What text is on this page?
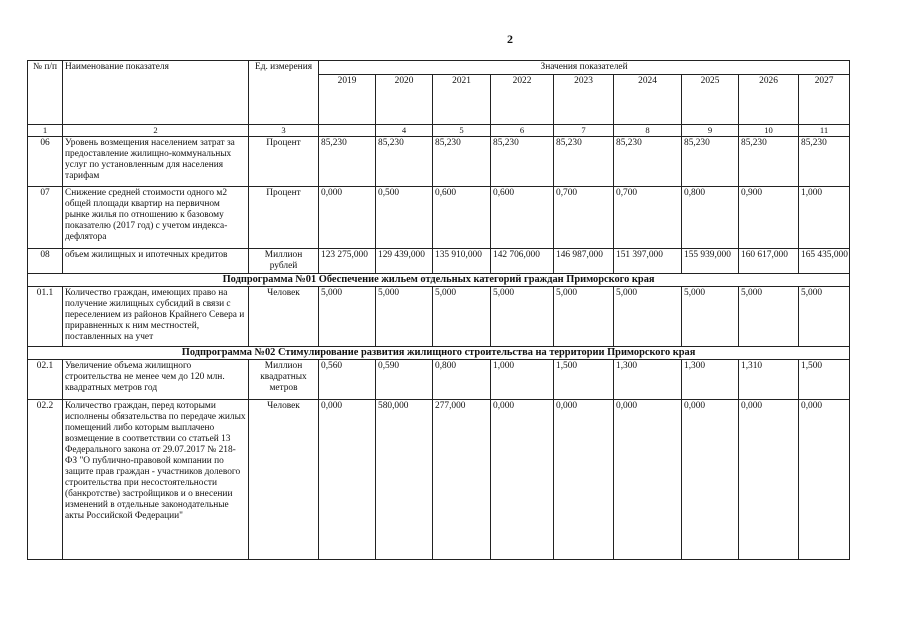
2
№ п/п	Наименование показателя	Ед. измерения	Значения показателей								
			2019	2020	2021	2022	2023	2024	2025	2026	2027
1	2	3		4	5	6	7	8	9	10	11
06	Уровень возмещения населением затрат за предоставление жилищно-коммунальных услуг по установленным для населения тарифам	Процент	85,230	85,230	85,230	85,230	85,230	85,230	85,230	85,230	85,230
07	Снижение средней стоимости одного м2 общей площади квартир на первичном рынке жилья по отношению к базовому показателю (2017 год) с учетом индекса-дефлятора	Процент	0,000	0,500	0,600	0,600	0,700	0,700	0,800	0,900	1,000
08	объем жилищных и ипотечных кредитов	Миллион рублей	123 275,000	129 439,000	135 910,000	142 706,000	146 987,000	151 397,000	155 939,000	160 617,000	165 435,000
Подпрограмма №01 Обеспечение жильем отдельных категорий граждан Приморского края											
01.1	Количество граждан, имеющих право на получение жилищных субсидий в связи с переселением из районов Крайнего Севера и приравненных к ним местностей, поставленных на учет	Человек	5,000	5,000	5,000	5,000	5,000	5,000	5,000	5,000	5,000
Подпрограмма №02 Стимулирование развития жилищного строительства на территории Приморского края											
02.1	Увеличение объема жилищного строительства не менее чем до 120 млн. квадратных метров год	Миллион квадратных метров	0,560	0,590	0,800	1,000	1,500	1,300	1,300	1,310	1,500
02.2	Количество граждан, перед которыми исполнены обязательства по передаче жилых помещений либо которым выплачено возмещение в соответствии со статьей 13 Федерального закона от 29.07.2017 № 218-ФЗ "О публично-правовой компании по защите прав граждан - участников долевого строительства при несостоятельности (банкротстве) застройщиков и о внесении изменений в отдельные законодательные акты Российской Федерации"	Человек	0,000	580,000	277,000	0,000	0,000	0,000	0,000	0,000	0,000
